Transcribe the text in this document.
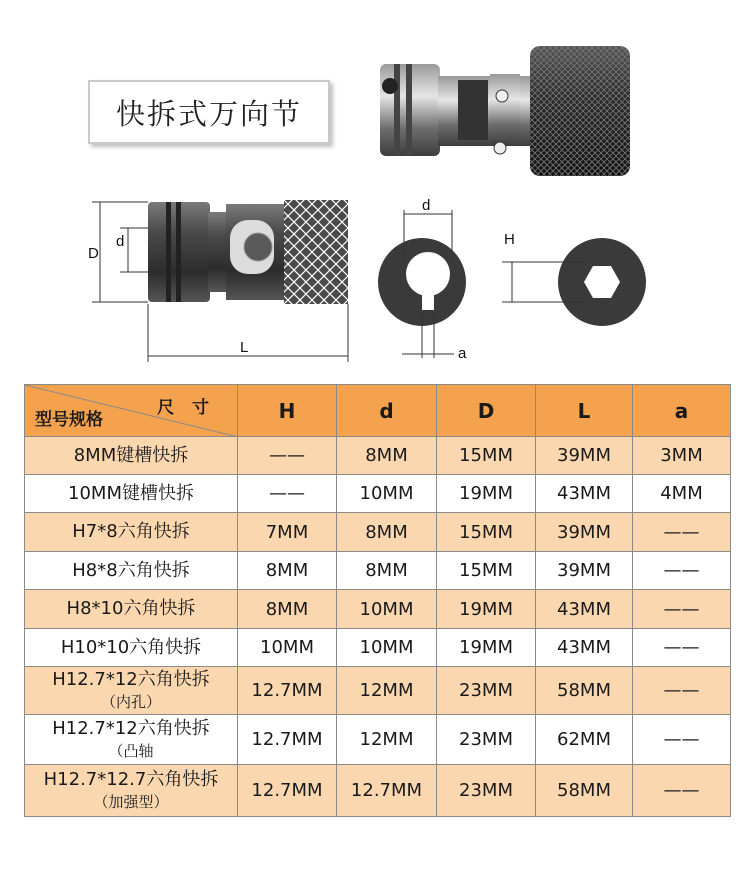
快拆式万向节
D
d
L
d
a
H
尺 寸
型号规格	H	d	D	L	a
8MM键槽快拆	——	8MM	15MM	39MM	3MM
10MM键槽快拆	——	10MM	19MM	43MM	4MM
H7*8六角快拆	7MM	8MM	15MM	39MM	——
H8*8六角快拆	8MM	8MM	15MM	39MM	——
H8*10六角快拆	8MM	10MM	19MM	43MM	——
H10*10六角快拆	10MM	10MM	19MM	43MM	——
H12.7*12六角快拆
（内孔）	12.7MM	12MM	23MM	58MM	——
H12.7*12六角快拆
（凸轴	12.7MM	12MM	23MM	62MM	——
H12.7*12.7六角快拆
（加强型）	12.7MM	12.7MM	23MM	58MM	——
